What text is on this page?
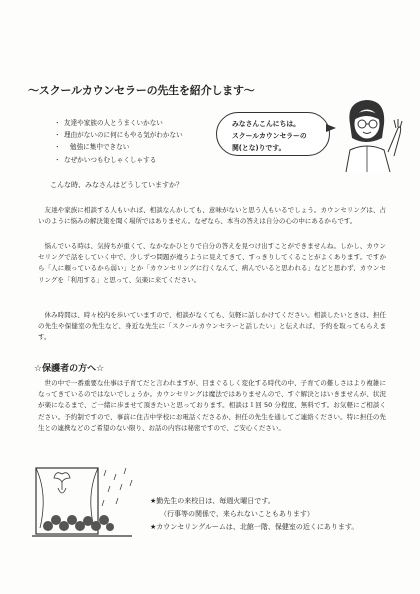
～スクールカウンセラーの先生を紹介します～
・ 友達や家族の人とうまくいかない
・ 理由がないのに何にもやる気がわかない
・ 勉強に集中できない
・ なぜかいつもむしゃくしゃする
みなさんこんにちは。
スクールカウンセラーの
関(とな)りです。
こんな時、みなさんはどうしていますか？

友達や家族に相談する人もいれば、相談なんかしても、意味がないと思う人もいるでしょう。カウンセリングは、占いのように悩みの解決策を聞く場所ではありません。なぜなら、本当の答えは自分の心の中にあるからです。

悩んでいる時は、気持ちが重くて、なかなかひとりで自分の答えを見つけ出すことができませんね。しかし、カウンセリングで話をしていく中で、少しずつ問題が違うように見えてきて、すっきりしてくることがよくあります。ですから「人に頼っているから弱い」とか「カウンセリングに行くなんて、病んでいると思われる」などと思わず、カウンセリングを「利用する」と思って、気楽に来てください。

休み時間は、時々校内を歩いていますので、相談がなくても、気軽に話しかけてください。相談したいときは、担任の先生や保健室の先生など、身近な先生に「スクールカウンセラーと話したい」と伝えれば、予約を取ってもらえます。

☆保護者の方へ☆

世の中で一番重要な仕事は子育てだと言われますが、目まぐるしく変化する時代の中、子育ての難しさはより複雑になってきているのではないでしょうか。カウンセリングは魔法ではありませんので、すぐ解決とはいきませんが、状況が楽になるまで、ご一緒に歩ませて頂きたいと思っております。相談は１回 50 分程度、無料です。お気軽にご相談ください。予約制ですので、事前に住吉中学校にお電話くださるか、担任の先生を通してご連絡ください。特に担任の先生との連携などのご希望のない限り、お話の内容は秘密ですので、ご安心ください。

★勤先生の来校日は、毎週火曜日です。
（行事等の関係で、来られないこともあります）
★カウンセリングルームは、北館一階、保健室の近くにあります。
